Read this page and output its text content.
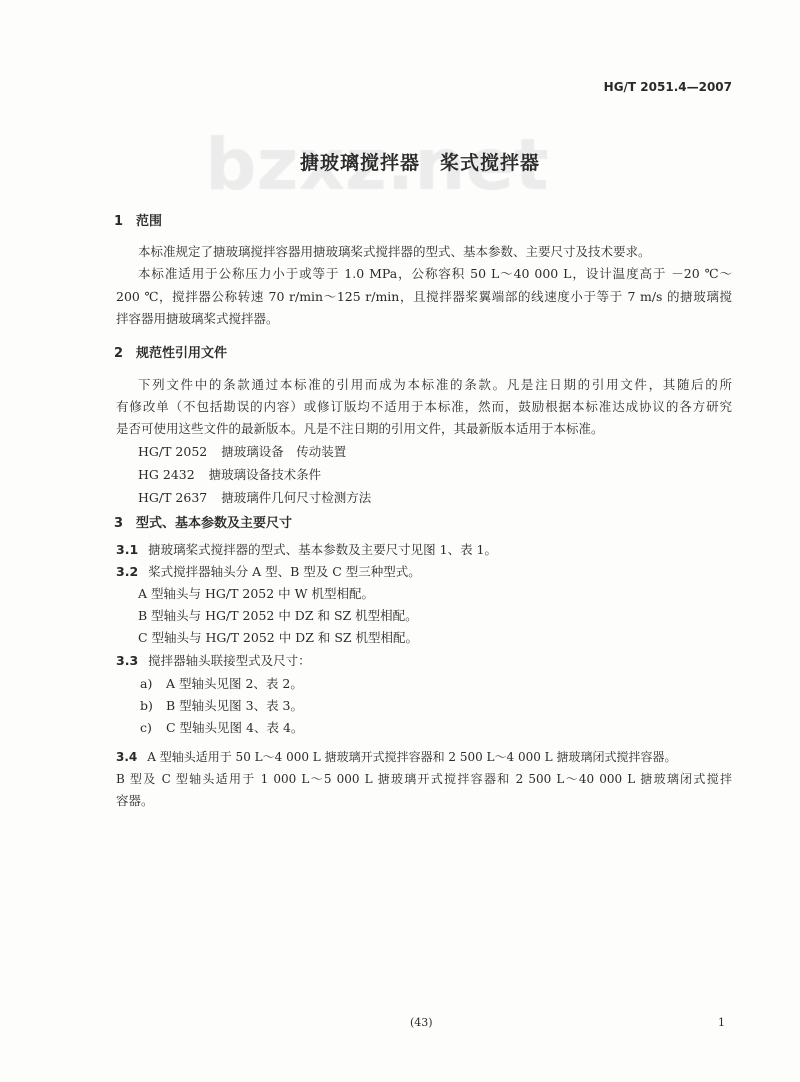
HG/T 2051.4—2007
搪玻璃搅拌器　桨式搅拌器
1　范围
本标准规定了搪玻璃搅拌容器用搪玻璃桨式搅拌器的型式、基本参数、主要尺寸及技术要求。
本标准适用于公称压力小于或等于 1.0 MPa，公称容积 50 L～40 000 L，设计温度高于 －20 ℃～
200 ℃，搅拌器公称转速 70 r/min～125 r/min，且搅拌器桨翼端部的线速度小于等于 7 m/s 的搪玻璃搅
拌容器用搪玻璃桨式搅拌器。
2　规范性引用文件
下列文件中的条款通过本标准的引用而成为本标准的条款。凡是注日期的引用文件，其随后的所
有修改单（不包括勘误的内容）或修订版均不适用于本标准，然而，鼓励根据本标准达成协议的各方研究
是否可使用这些文件的最新版本。凡是不注日期的引用文件，其最新版本适用于本标准。
HG/T 2052 搪玻璃设备　传动装置
HG 2432 搪玻璃设备技术条件
HG/T 2637 搪玻璃件几何尺寸检测方法
3　型式、基本参数及主要尺寸
3.1 搪玻璃桨式搅拌器的型式、基本参数及主要尺寸见图 1、表 1。
3.2 桨式搅拌器轴头分 A 型、B 型及 C 型三种型式。
A 型轴头与 HG/T 2052 中 W 机型相配。
B 型轴头与 HG/T 2052 中 DZ 和 SZ 机型相配。
C 型轴头与 HG/T 2052 中 DZ 和 SZ 机型相配。
3.3 搅拌器轴头联接型式及尺寸：
a) A 型轴头见图 2、表 2。
b) B 型轴头见图 3、表 3。
c) C 型轴头见图 4、表 4。
3.4 A 型轴头适用于 50 L～4 000 L 搪玻璃开式搅拌容器和 2 500 L～4 000 L 搪玻璃闭式搅拌容器。
B 型及 C 型轴头适用于 1 000 L～5 000 L 搪玻璃开式搅拌容器和 2 500 L～40 000 L 搪玻璃闭式搅拌
容器。
(43)	1
